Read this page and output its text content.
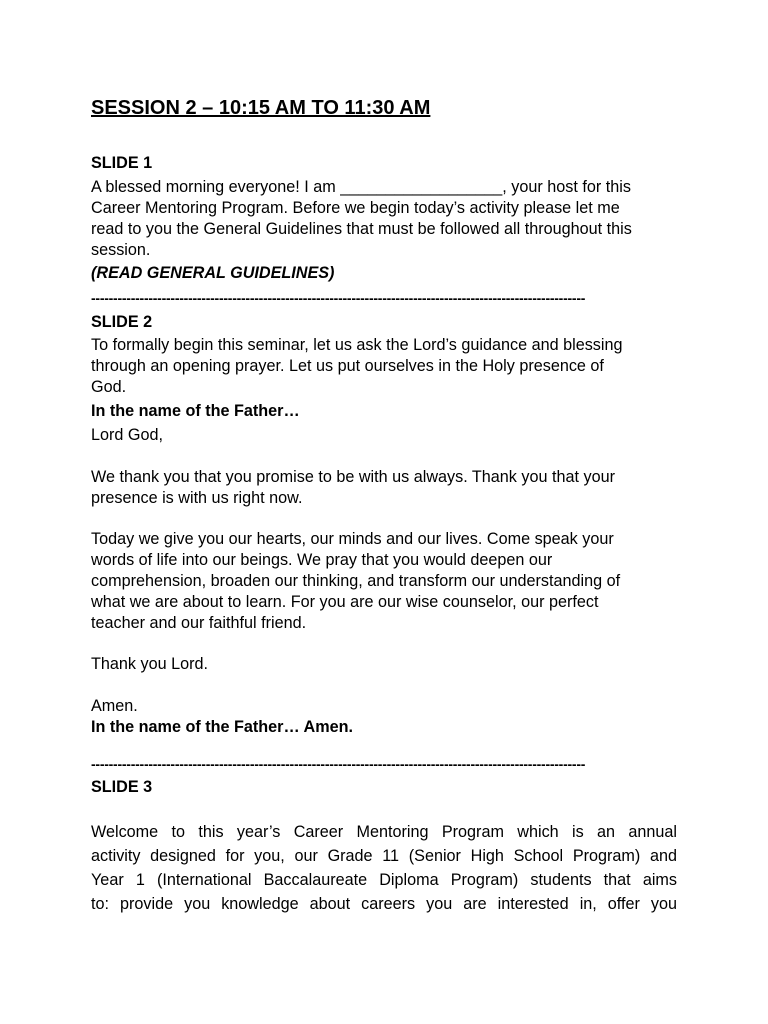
SESSION 2 – 10:15 AM TO 11:30 AM
SLIDE 1
A blessed morning everyone! I am __________________, your host for this
Career Mentoring Program. Before we begin today’s activity please let me
read to you the General Guidelines that must be followed all throughout this
session.
(READ GENERAL GUIDELINES)
----------------------------------------------------------------------------------------------------------------
SLIDE 2
To formally begin this seminar, let us ask the Lord’s guidance and blessing
through an opening prayer. Let us put ourselves in the Holy presence of
God.
In the name of the Father…
Lord God,
We thank you that you promise to be with us always. Thank you that your
presence is with us right now.
Today we give you our hearts, our minds and our lives. Come speak your
words of life into our beings. We pray that you would deepen our
comprehension, broaden our thinking, and transform our understanding of
what we are about to learn. For you are our wise counselor, our perfect
teacher and our faithful friend.
Thank you Lord.
Amen.
In the name of the Father… Amen.
----------------------------------------------------------------------------------------------------------------
SLIDE 3
Welcome to this year’s Career Mentoring Program which is an annual
activity designed for you, our Grade 11 (Senior High School Program) and
Year 1 (International Baccalaureate Diploma Program) students that aims
to: provide you knowledge about careers you are interested in, offer you
